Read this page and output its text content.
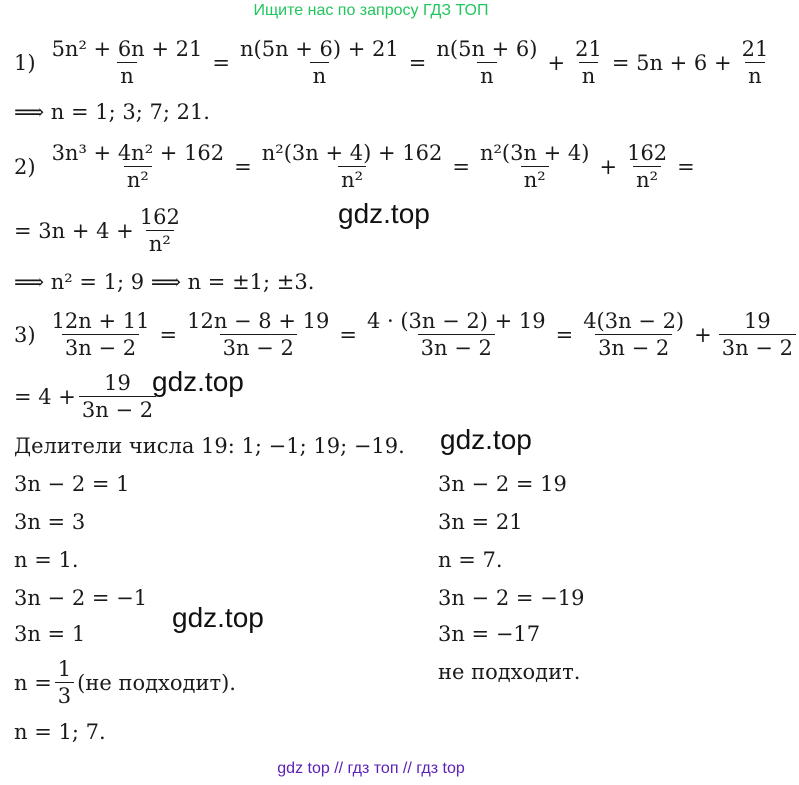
Ищите нас по запросу ГДЗ ТОП
$1) \frac{\text{5n² + 6n + 21}}{n} = \frac{n(5n + 6) + 21}{n} = \frac{n(5n + 6)}{n} + \frac{21}{n} = 5n + 6 + \frac{21}{n}$
⟹ n = 1; 3; 7; 21.
$2) \frac{\text{3n³ + 4n² + 162}}{\text{n²}} = \frac{\text{n²(3n + 4) + 162}}{\text{n²}} = \frac{\text{n²(3n + 4)}}{\text{n²}} + \frac{162}{\text{n²}}$ =
= $3n + 4 + \frac{162}{\text{n²}}$
⟹ n² = 1; 9 ⟹ n = ±1; ±3.
$3) \frac{12n + 11}{3n - 2} = \frac{12n - 8 + 19}{3n - 2} = \frac{4 \cdot (3n - 2) + 19}{3n - 2} = \frac{4(3n - 2)}{3n - 2} + \frac{19}{3n - 2}$
= $4 + \frac{19}{3n - 2}$
Делители числа 19: 1; −1; 19; −19.
3n − 2 = 1
3n = 3
n = 1.
3n − 2 = −1
3n = 1
$n = \frac{1}{3} (не$ подходит).
n = 1; 7.
3n − 2 = 19
3n = 21
n = 7.
3n − 2 = −19
3n = −17
не подходит.
gdz.top
gdz.top
gdz.top
gdz.top
gdz top // гдз топ // гдз top
